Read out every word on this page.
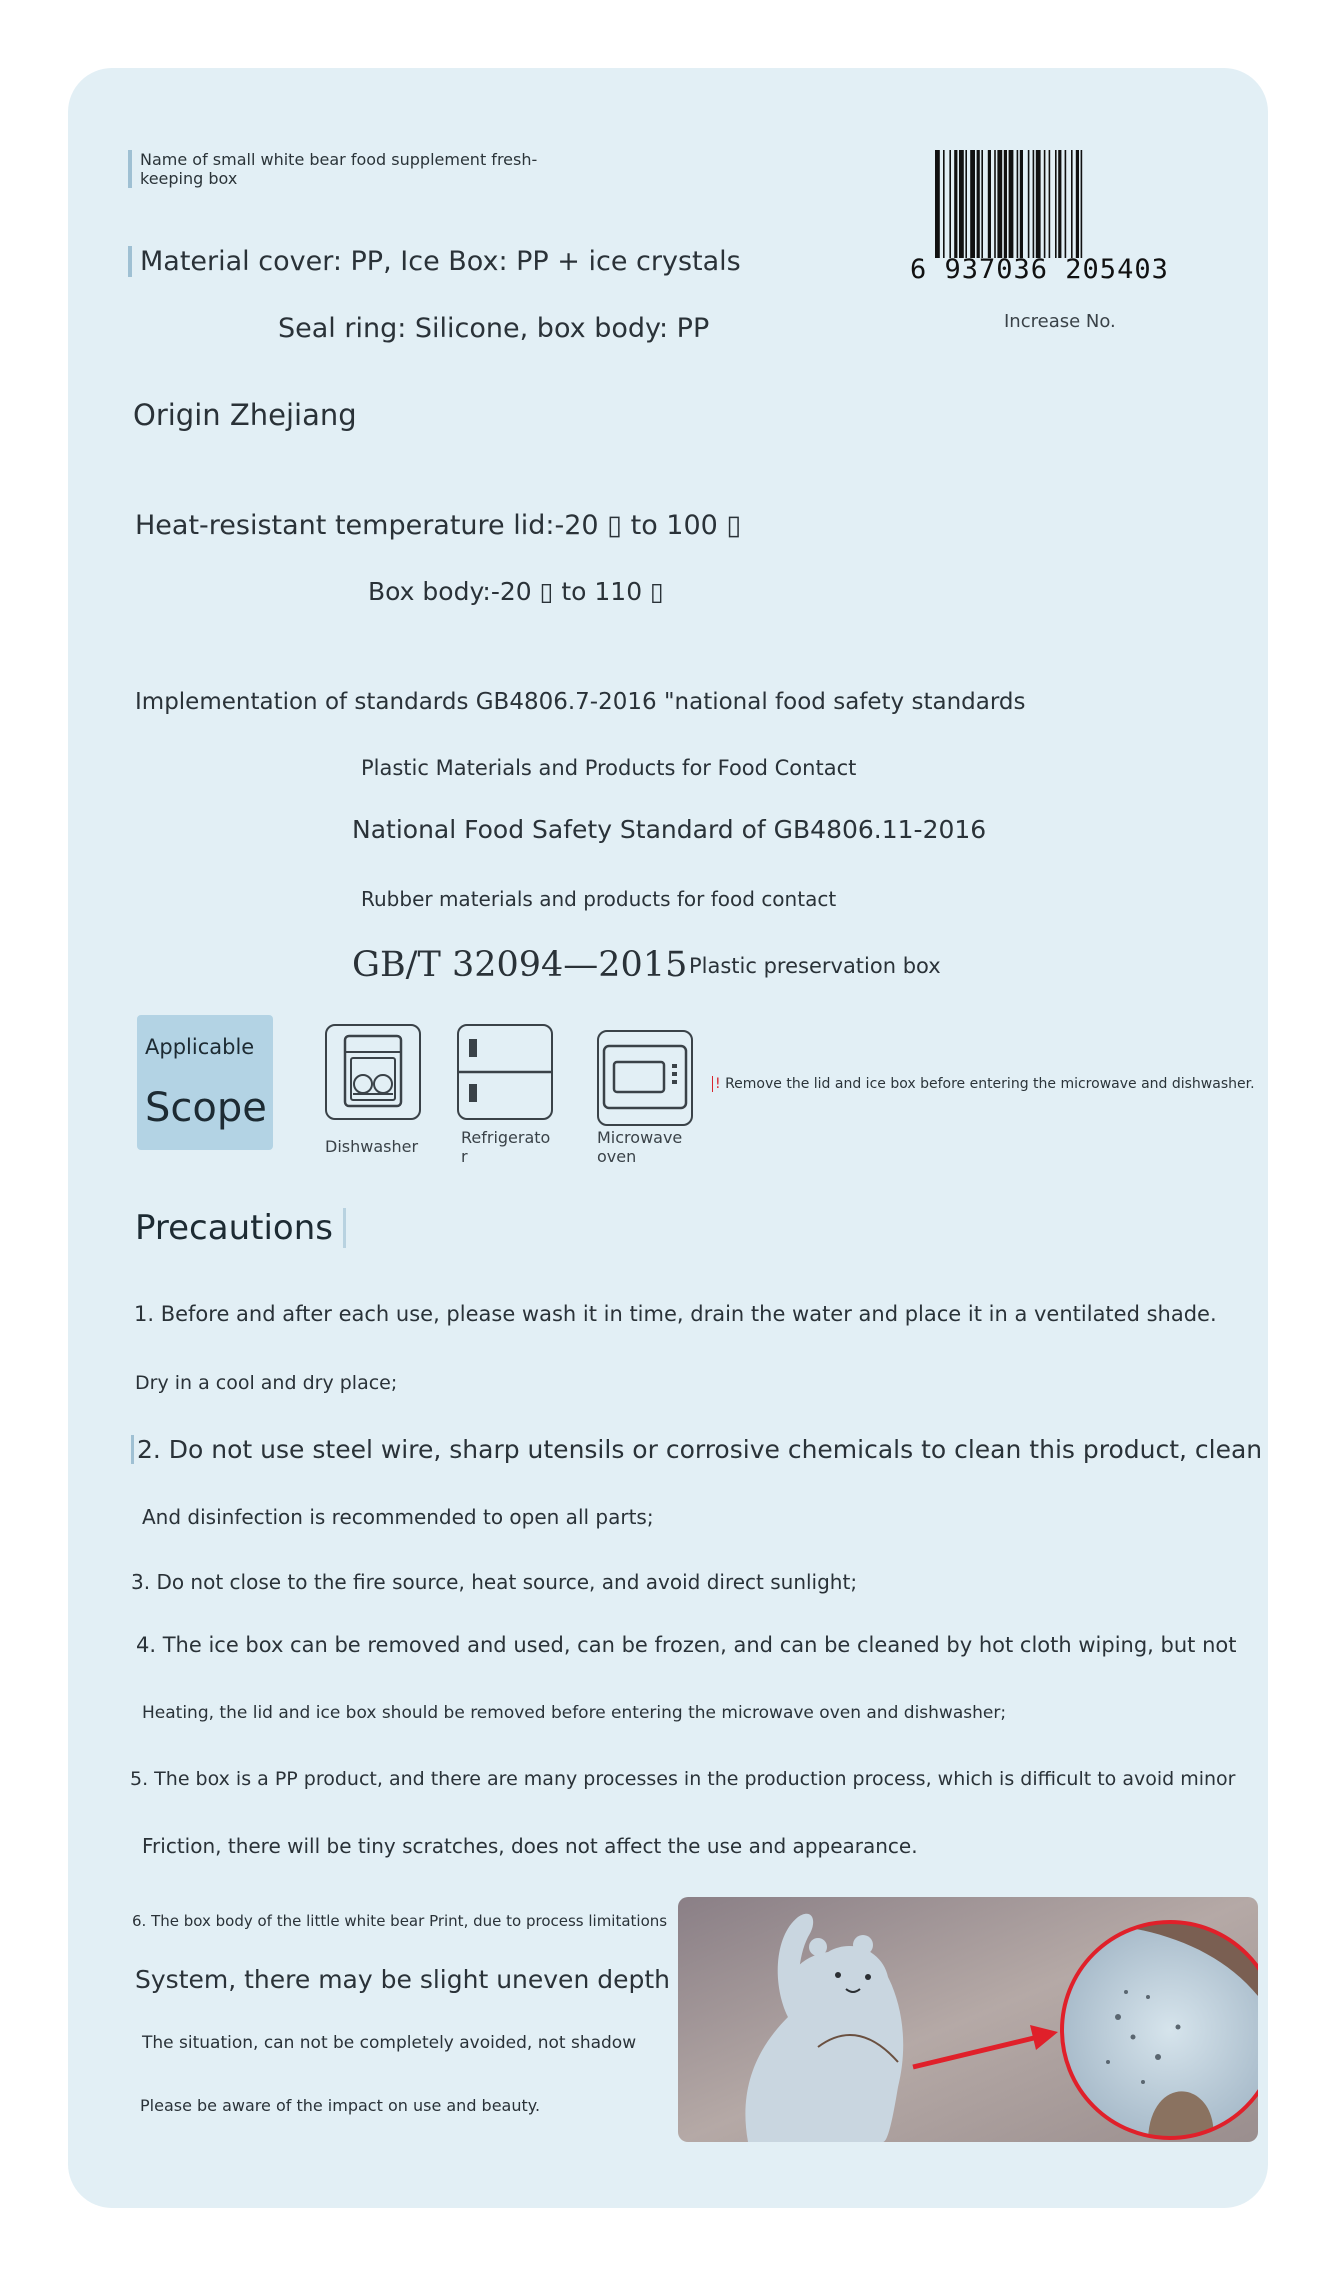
Name of small white bear food supplement fresh-
keeping box
Material cover: PP, Ice Box: PP + ice crystals
Seal ring: Silicone, box body: PP
Origin Zhejiang
Heat-resistant temperature lid:-20 ▯ to 100 ▯
Box body:-20 ▯ to 110 ▯
6 937036 205403
Increase No.
Implementation of standards GB4806.7-2016 "national food safety standards
Plastic Materials and Products for Food Contact
National Food Safety Standard of GB4806.11-2016
Rubber materials and products for food contact
GB/T 32094—2015 Plastic preservation box
Applicable
Scope
Dishwasher	Refrigerato
r
Microwave
oven
! Remove the lid and ice box before entering the microwave and dishwasher.
Precautions
1. Before and after each use, please wash it in time, drain the water and place it in a ventilated shade.
Dry in a cool and dry place;
2. Do not use steel wire, sharp utensils or corrosive chemicals to clean this product, clean
And disinfection is recommended to open all parts;
3. Do not close to the fire source, heat source, and avoid direct sunlight;
4. The ice box can be removed and used, can be frozen, and can be cleaned by hot cloth wiping, but not
Heating, the lid and ice box should be removed before entering the microwave oven and dishwasher;
5. The box is a PP product, and there are many processes in the production process, which is difficult to avoid minor
Friction, there will be tiny scratches, does not affect the use and appearance.
6. The box body of the little white bear Print, due to process limitations
System, there may be slight uneven depth
The situation, can not be completely avoided, not shadow
Please be aware of the impact on use and beauty.
